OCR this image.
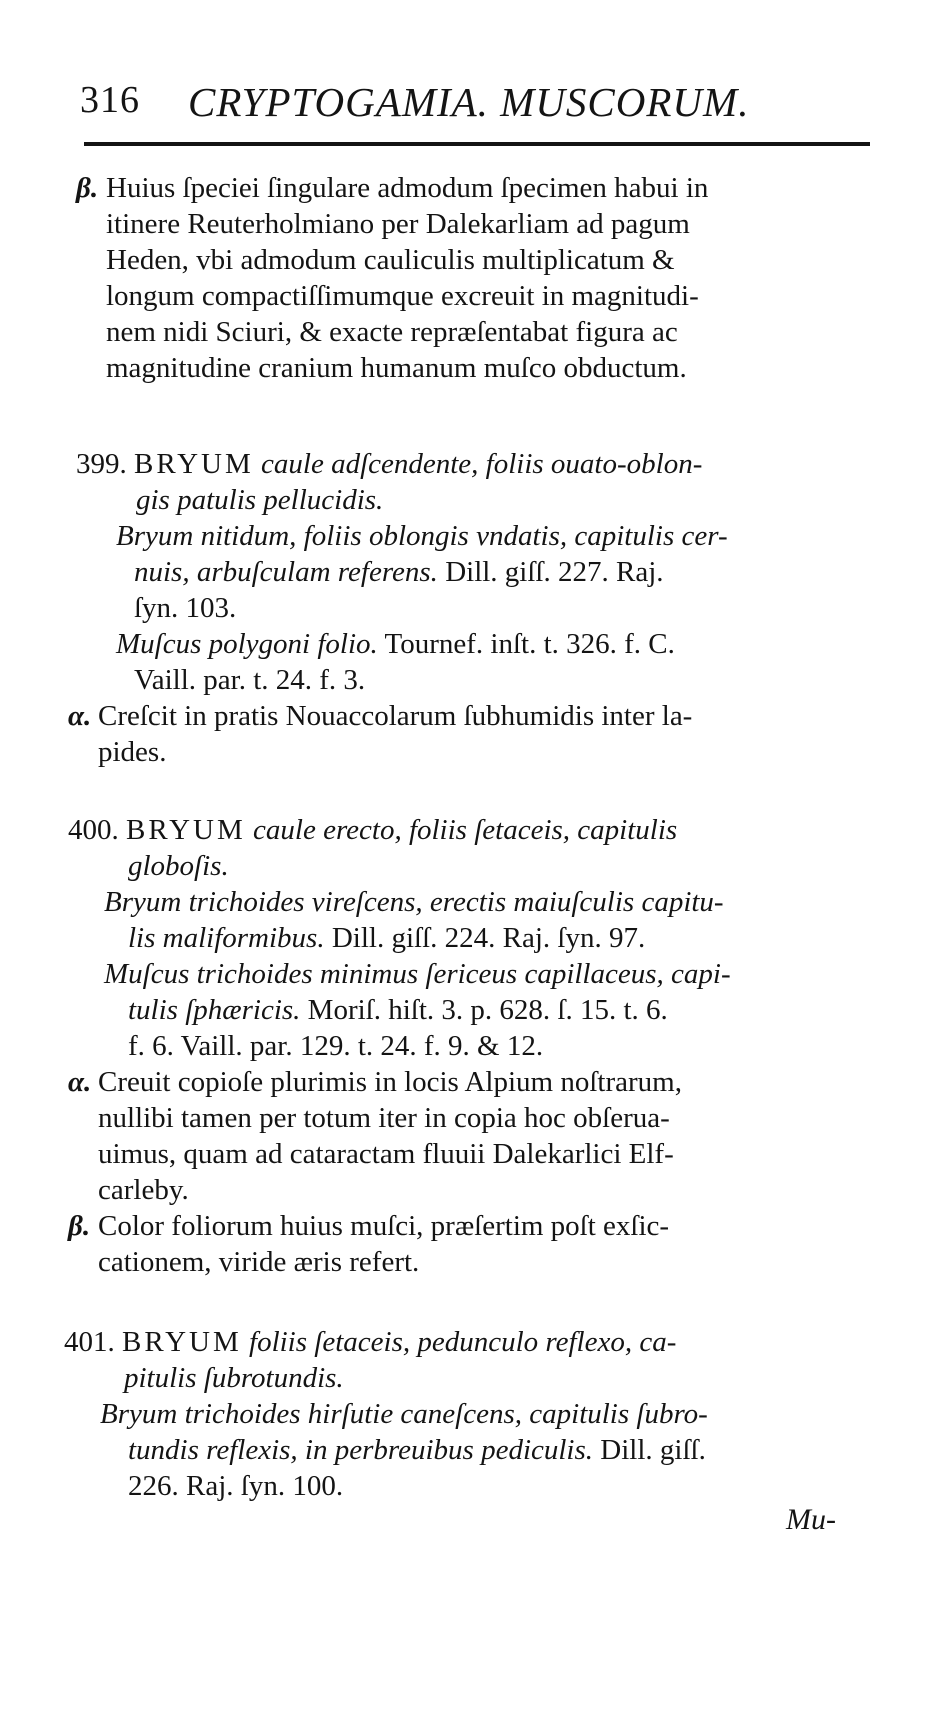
316 CRYPTOGAMIA. MUSCORUM.
β. Huius ſpeciei ſingulare admodum ſpecimen habui in
itinere Reuterholmiano per Dalekarliam ad pagum
Heden, vbi admodum cauliculis multiplicatum &
longum compactiſſimumque excreuit in magnitudi-
nem nidi Sciuri, & exacte repræſentabat figura ac
magnitudine cranium humanum muſco obductum.
399. BRYUM caule adſcendente, foliis ouato-oblon-
gis patulis pellucidis.
Bryum nitidum, foliis oblongis vndatis, capitulis cer-
nuis, arbuſculam referens. Dill. giſſ. 227. Raj.
ſyn. 103.
Muſcus polygoni folio. Tournef. inſt. t. 326. f. C.
Vaill. par. t. 24. f. 3.
α. Creſcit in pratis Nouaccolarum ſubhumidis inter la-
pides.
400. BRYUM caule erecto, foliis ſetaceis, capitulis
globoſis.
Bryum trichoides vireſcens, erectis maiuſculis capitu-
lis maliformibus. Dill. giſſ. 224. Raj. ſyn. 97.
Muſcus trichoides minimus ſericeus capillaceus, capi-
tulis ſphæricis. Moriſ. hiſt. 3. p. 628. ſ. 15. t. 6.
f. 6. Vaill. par. 129. t. 24. f. 9. & 12.
α. Creuit copioſe plurimis in locis Alpium noſtrarum,
nullibi tamen per totum iter in copia hoc obſerua-
uimus, quam ad cataractam fluuii Dalekarlici Elf-
carleby.
β. Color foliorum huius muſci, præſertim poſt exſic-
cationem, viride æris refert.
401. BRYUM foliis ſetaceis, pedunculo reflexo, ca-
pitulis ſubrotundis.
Bryum trichoides hirſutie caneſcens, capitulis ſubro-
tundis reflexis, in perbreuibus pediculis. Dill. giſſ.
226. Raj. ſyn. 100.
Mu-
